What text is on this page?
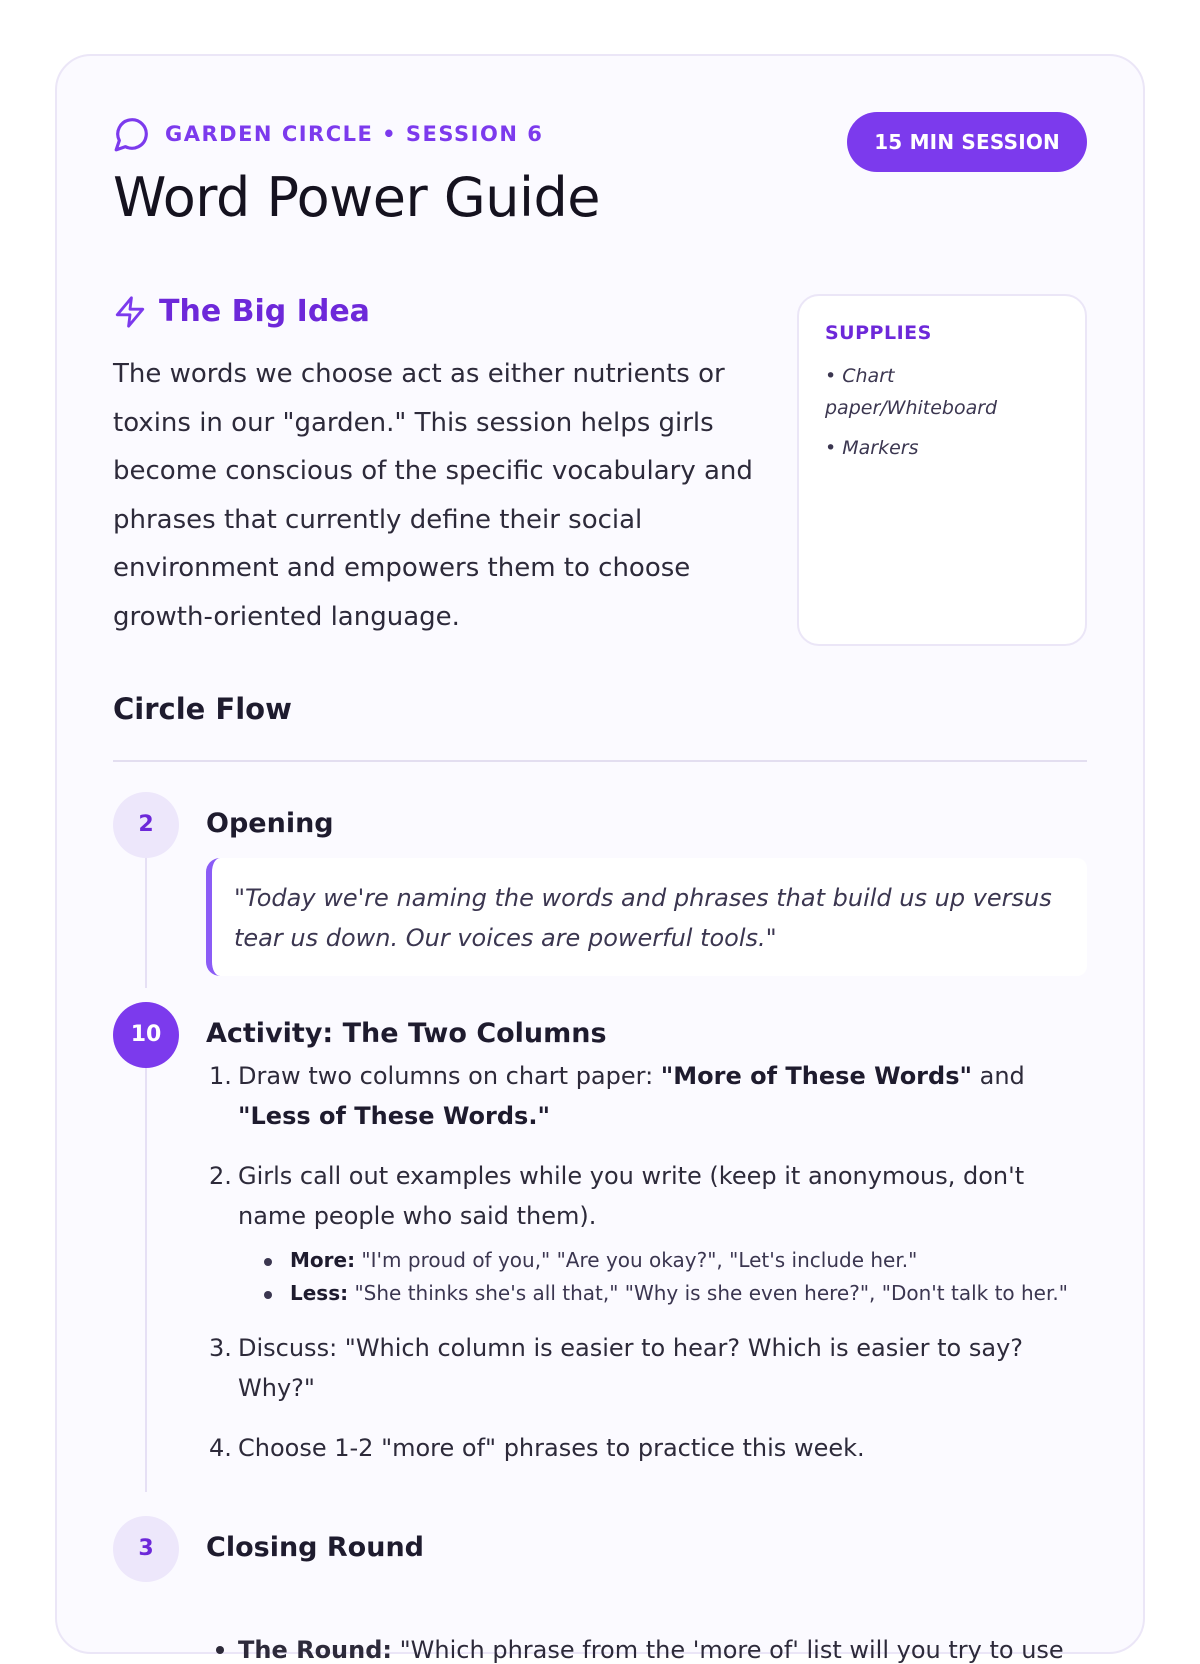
GARDEN CIRCLE • SESSION 6	15 MIN SESSION
Word Power Guide
The Big Idea

The words we choose act as either nutrients or toxins in our "garden." This session helps girls become conscious of the specific vocabulary and phrases that currently define their social environment and empowers them to choose growth-oriented language.

SUPPLIES
• Chart paper/Whiteboard
• Markers
Circle Flow
2	Opening
"Today we're naming the words and phrases that build us up versus tear us down. Our voices are powerful tools."
10	Activity: The Two Columns
1. Draw two columns on chart paper: "More of These Words" and "Less of These Words."
2. Girls call out examples while you write (keep it anonymous, don't name people who said them).
More: "I'm proud of you," "Are you okay?", "Let's include her."
Less: "She thinks she's all that," "Why is she even here?", "Don't talk to her."
3. Discuss: "Which column is easier to hear? Which is easier to say? Why?"
4. Choose 1-2 "more of" phrases to practice this week.
3	Closing Round
The Round: "Which phrase from the 'more of' list will you try to use
